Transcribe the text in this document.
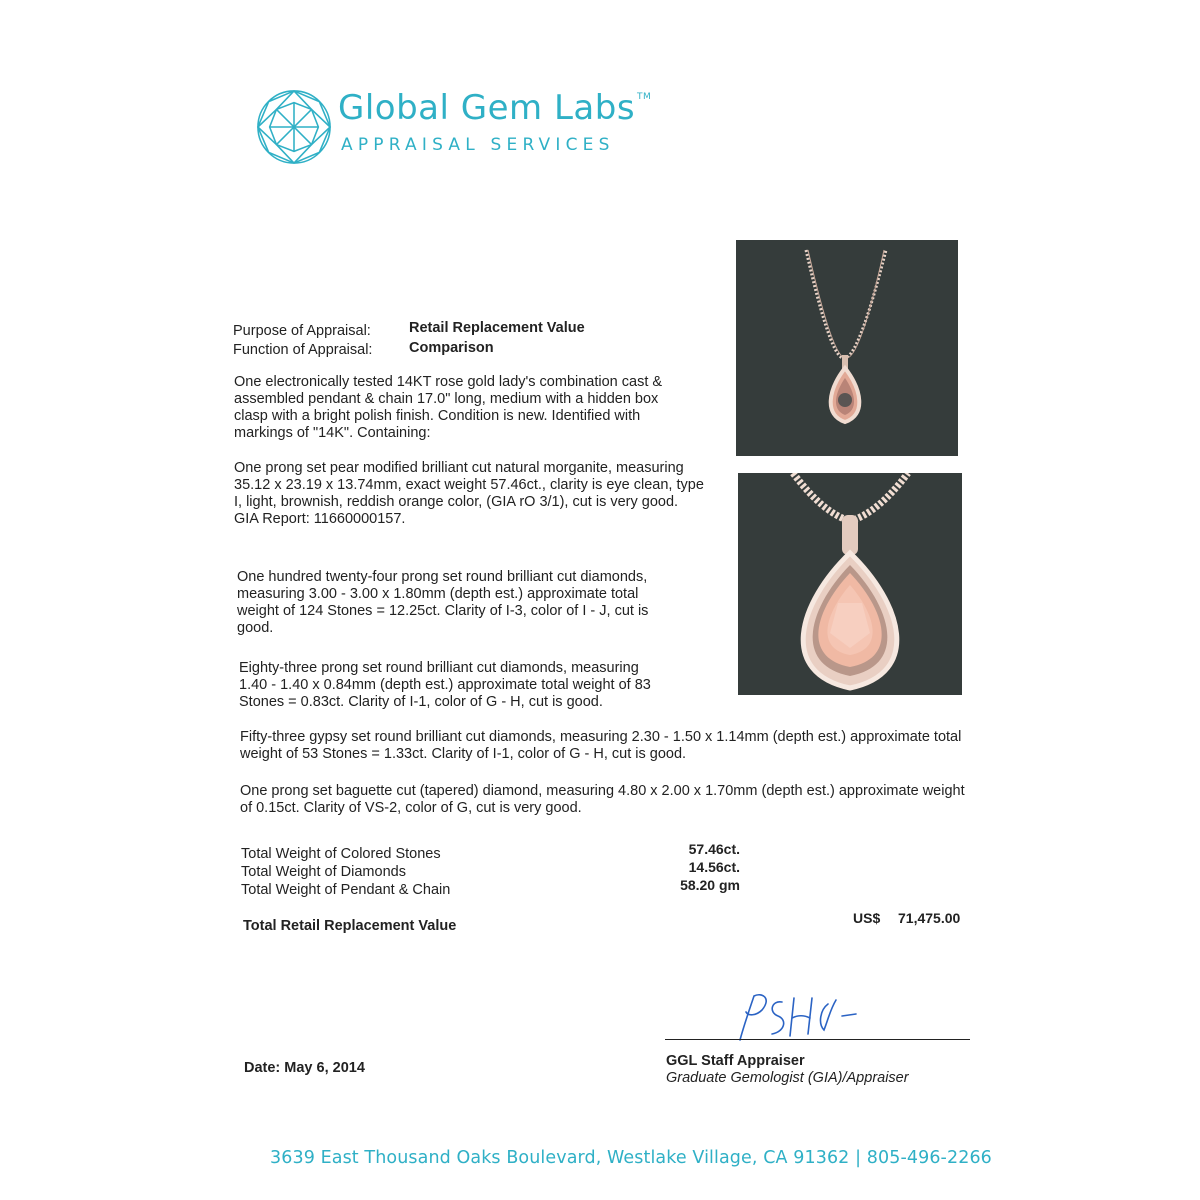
Global Gem Labs ™
APPRAISAL SERVICES
Purpose of Appraisal:	Retail Replacement Value
Function of Appraisal:	Comparison
One electronically tested 14KT rose gold lady's combination cast & assembled pendant & chain 17.0" long, medium with a hidden box clasp with a bright polish finish. Condition is new. Identified with markings of "14K". Containing:
One prong set pear modified brilliant cut natural morganite, measuring 35.12 x 23.19 x 13.74mm, exact weight 57.46ct., clarity is eye clean, type I, light, brownish, reddish orange color, (GIA rO 3/1), cut is very good. GIA Report: 11660000157.
One hundred twenty-four prong set round brilliant cut diamonds, measuring 3.00 - 3.00 x 1.80mm (depth est.) approximate total weight of 124 Stones = 12.25ct. Clarity of I-3, color of I - J, cut is good.
Eighty-three prong set round brilliant cut diamonds, measuring 1.40 - 1.40 x 0.84mm (depth est.) approximate total weight of 83 Stones = 0.83ct. Clarity of I-1, color of G - H, cut is good.
Fifty-three gypsy set round brilliant cut diamonds, measuring 2.30 - 1.50 x 1.14mm (depth est.) approximate total weight of 53 Stones = 1.33ct. Clarity of I-1, color of G - H, cut is good.
One prong set baguette cut (tapered) diamond, measuring 4.80 x 2.00 x 1.70mm (depth est.) approximate weight of 0.15ct. Clarity of VS-2, color of G, cut is very good.
Total Weight of Colored Stones	57.46ct.
Total Weight of Diamonds	14.56ct.
Total Weight of Pendant & Chain	58.20 gm
Total Retail Replacement Value	US$ 71,475.00
GGL Staff Appraiser
Graduate Gemologist (GIA)/Appraiser
Date: May 6, 2014
3639 East Thousand Oaks Boulevard, Westlake Village, CA 91362 | 805-496-2266
